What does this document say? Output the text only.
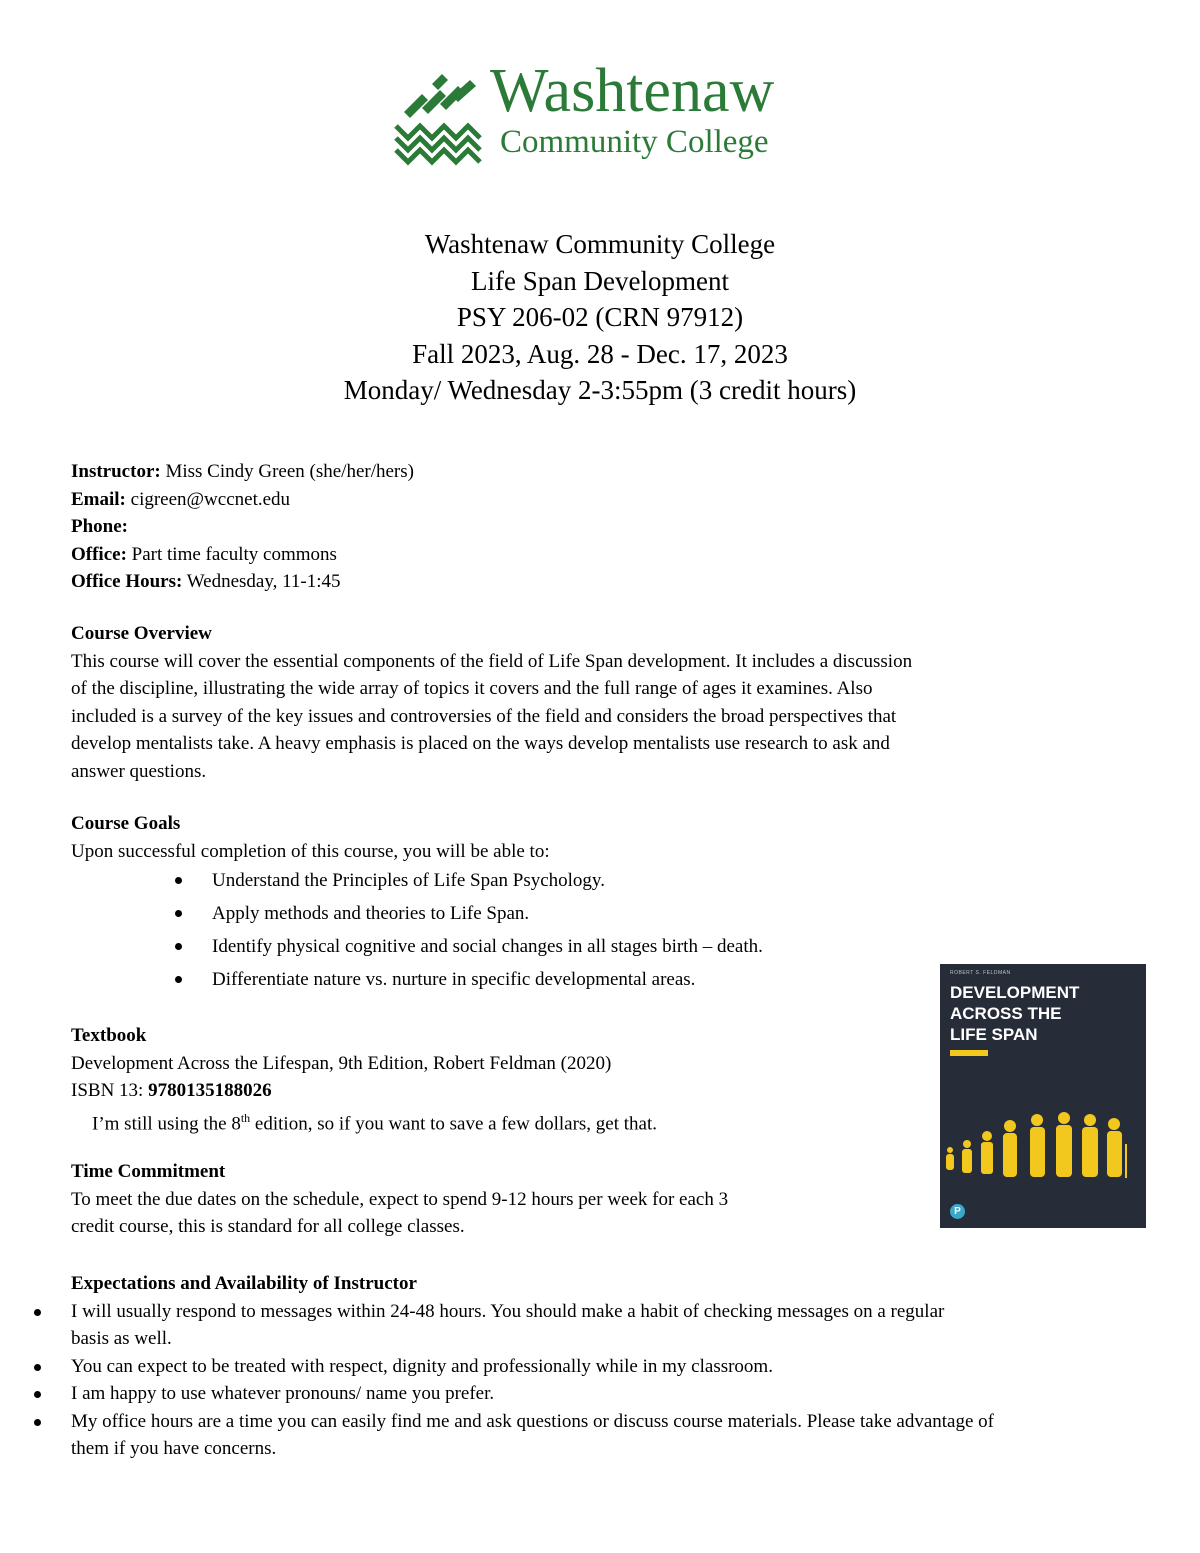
Washtenaw
Community College
Washtenaw Community College
Life Span Development
PSY 206-02 (CRN 97912)
Fall 2023, Aug. 28 - Dec. 17, 2023
Monday/ Wednesday 2-3:55pm (3 credit hours)
Instructor: Miss Cindy Green (she/her/hers)
Email: cigreen@wccnet.edu
Phone:
Office: Part time faculty commons
Office Hours: Wednesday, 11-1:45
Course Overview
This course will cover the essential components of the field of Life Span development. It includes a discussion
of the discipline, illustrating the wide array of topics it covers and the full range of ages it examines. Also
included is a survey of the key issues and controversies of the field and considers the broad perspectives that
develop mentalists take. A heavy emphasis is placed on the ways develop mentalists use research to ask and
answer questions.
Course Goals

Upon successful completion of this course, you will be able to:

Understand the Principles of Life Span Psychology.
Apply methods and theories to Life Span.
Identify physical cognitive and social changes in all stages birth – death.
Differentiate nature vs. nurture in specific developmental areas.
Textbook
Development Across the Lifespan, 9th Edition, Robert Feldman (2020)
ISBN 13: 9780135188026
I’m still using the 8th edition, so if you want to save a few dollars, get that.
ROBERT S. FELDMAN
DEVELOPMENT
ACROSS THE
LIFE SPAN
P
Time Commitment
To meet the due dates on the schedule, expect to spend 9-12 hours per week for each 3
credit course, this is standard for all college classes.
Expectations and Availability of Instructor
I will usually respond to messages within 24-48 hours. You should make a habit of checking messages on a regular basis as well.
You can expect to be treated with respect, dignity and professionally while in my classroom.
I am happy to use whatever pronouns/ name you prefer.
My office hours are a time you can easily find me and ask questions or discuss course materials. Please take advantage of them if you have concerns.
